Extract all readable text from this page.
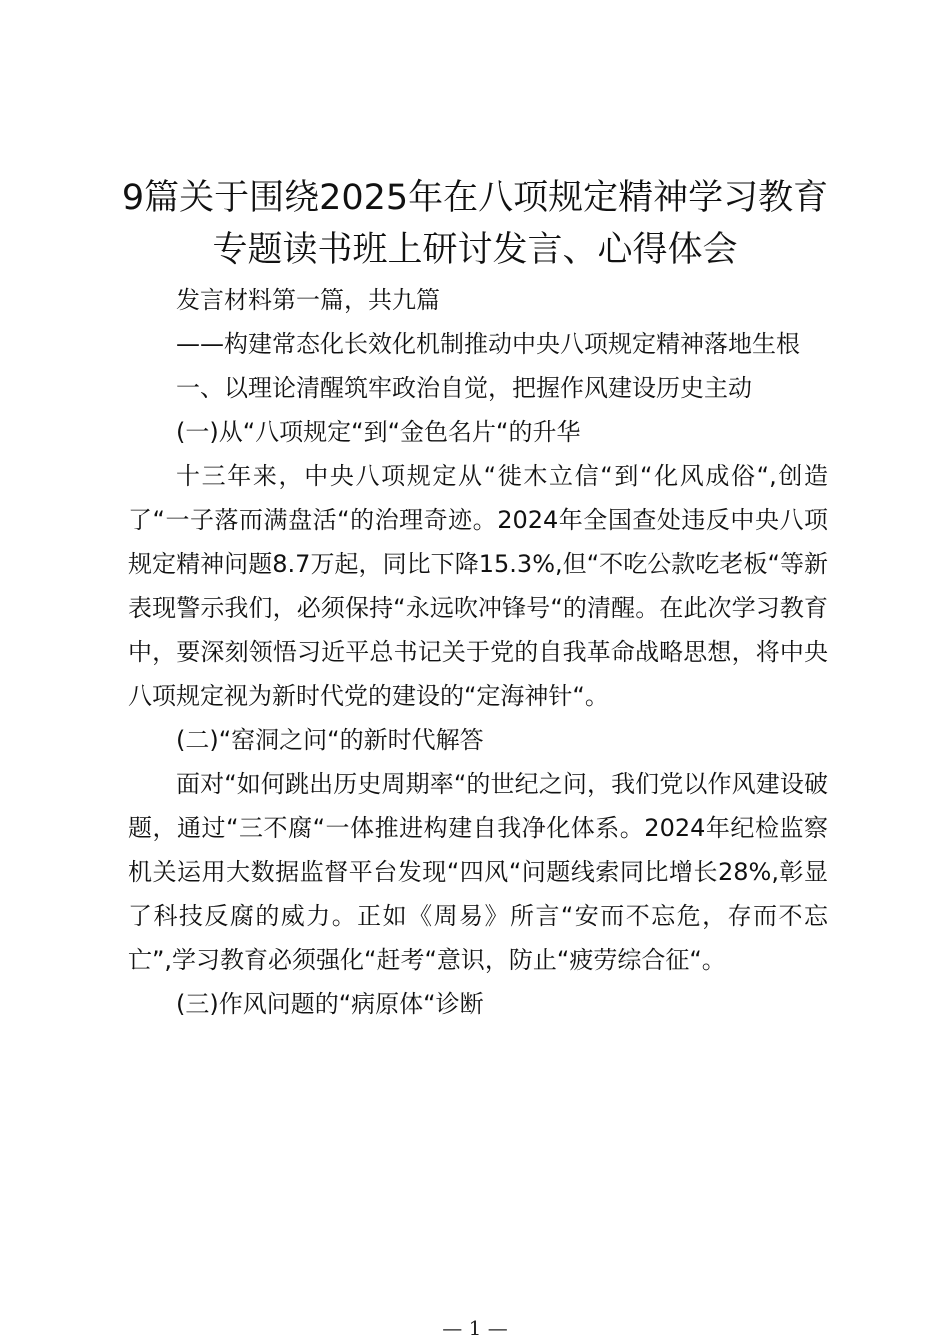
9篇关于围绕2025年在八项规定精神学习教育专题读书班上研讨发言、心得体会

发言材料第一篇，共九篇

——构建常态化长效化机制推动中央八项规定精神落地生根

一、以理论清醒筑牢政治自觉，把握作风建设历史主动

(一)从“八项规定“到“金色名片“的升华

十三年来，中央八项规定从“徙木立信“到“化风成俗“,创造了“一子落而满盘活“的治理奇迹。2024年全国查处违反中央八项规定精神问题8.7万起，同比下降15.3%,但“不吃公款吃老板“等新表现警示我们，必须保持“永远吹冲锋号“的清醒。在此次学习教育中，要深刻领悟习近平总书记关于党的自我革命战略思想，将中央八项规定视为新时代党的建设的“定海神针“。

(二)“窑洞之问“的新时代解答

面对“如何跳出历史周期率“的世纪之问，我们党以作风建设破题，通过“三不腐“一体推进构建自我净化体系。2024年纪检监察机关运用大数据监督平台发现“四风“问题线索同比增长28%,彰显了科技反腐的威力。正如《周易》所言“安而不忘危，存而不忘亡”,学习教育必须强化“赶考“意识，防止“疲劳综合征“。

(三)作风问题的“病原体“诊断

— 1 —
